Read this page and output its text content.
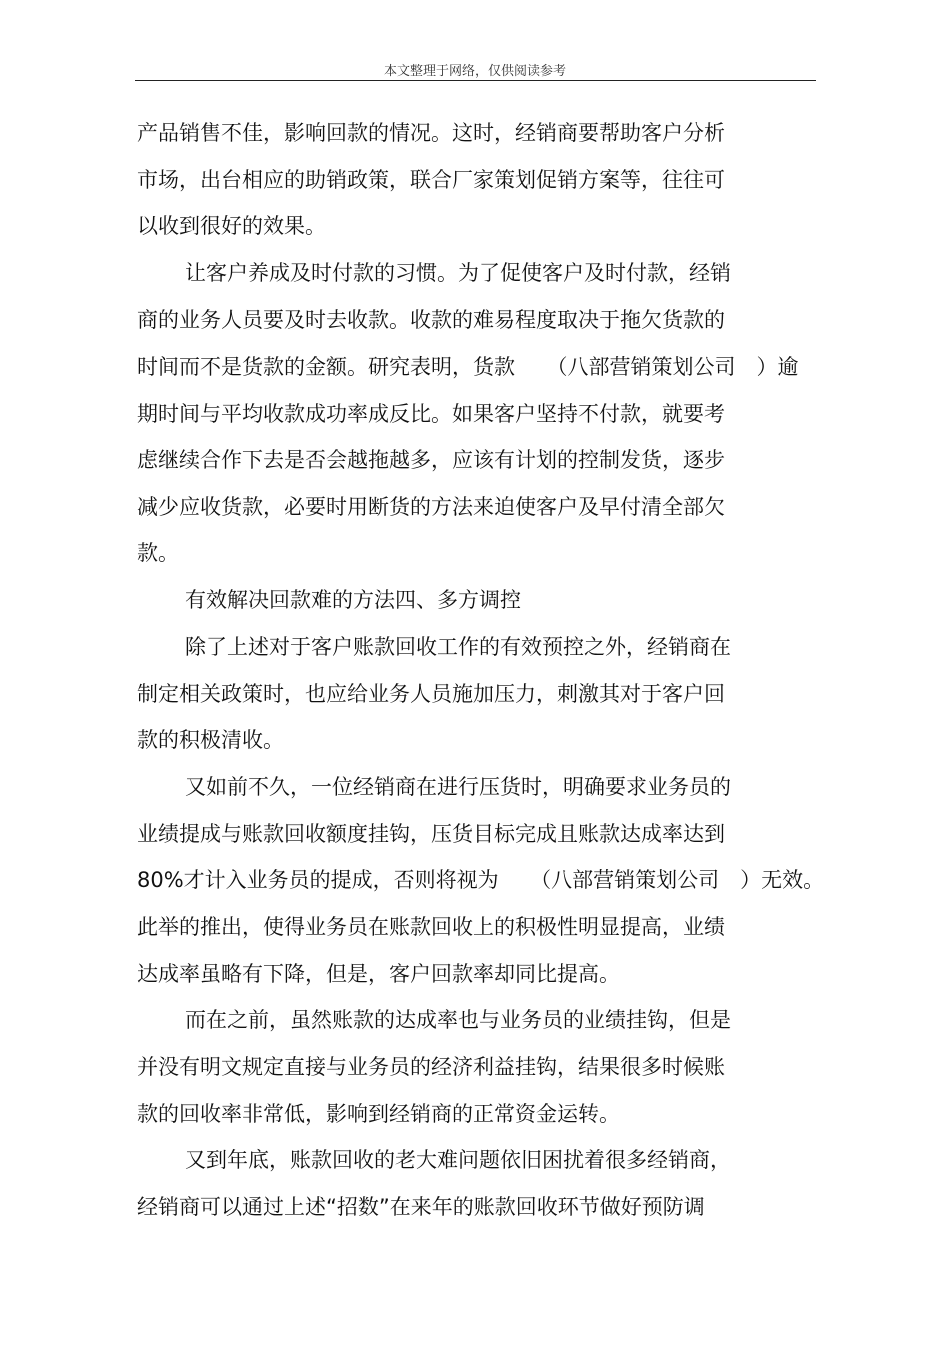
本文整理于网络，仅供阅读参考
产品销售不佳，影响回款的情况。这时，经销商要帮助客户分析
市场，出台相应的助销政策，联合厂家策划促销方案等，往往可
以收到很好的效果。
让客户养成及时付款的习惯。为了促使客户及时付款，经销
商的业务人员要及时去收款。收款的难易程度取决于拖欠货款的
时间而不是货款的金额。研究表明，货款　　（八部营销策划公司　）逾
期时间与平均收款成功率成反比。如果客户坚持不付款，就要考
虑继续合作下去是否会越拖越多，应该有计划的控制发货，逐步
减少应收货款，必要时用断货的方法来迫使客户及早付清全部欠
款。
有效解决回款难的方法四、多方调控
除了上述对于客户账款回收工作的有效预控之外，经销商在
制定相关政策时，也应给业务人员施加压力，刺激其对于客户回
款的积极清收。
又如前不久，一位经销商在进行压货时，明确要求业务员的
业绩提成与账款回收额度挂钩，压货目标完成且账款达成率达到
80%才计入业务员的提成，否则将视为　　（八部营销策划公司　）无效。
此举的推出，使得业务员在账款回收上的积极性明显提高，业绩
达成率虽略有下降，但是，客户回款率却同比提高。
而在之前，虽然账款的达成率也与业务员的业绩挂钩，但是
并没有明文规定直接与业务员的经济利益挂钩，结果很多时候账
款的回收率非常低，影响到经销商的正常资金运转。
又到年底，账款回收的老大难问题依旧困扰着很多经销商，
经销商可以通过上述“招数”在来年的账款回收环节做好预防调
